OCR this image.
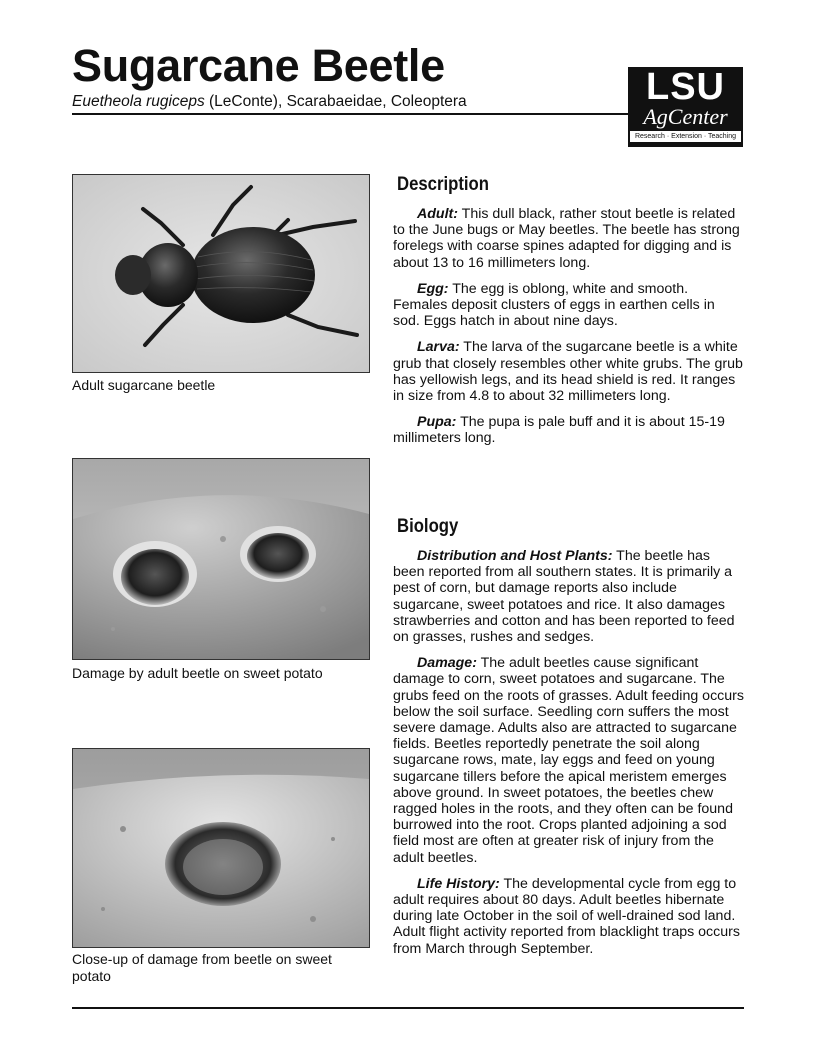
Sugarcane Beetle

Euetheola rugiceps (LeConte), Scarabaeidae, Coleoptera	LSU
AgCenter
Research · Extension · Teaching

Adult sugarcane beetle

Damage by adult beetle on sweet potato

Close-up of damage from beetle on sweet potato

Description

Adult: This dull black, rather stout beetle is related to the June bugs or May beetles. The beetle has strong forelegs with coarse spines adapted for digging and is about 13 to 16 millimeters long.

Egg: The egg is oblong, white and smooth. Females deposit clusters of eggs in earthen cells in sod. Eggs hatch in about nine days.

Larva: The larva of the sugarcane beetle is a white grub that closely resembles other white grubs. The grub has yellowish legs, and its head shield is red. It ranges in size from 4.8 to about 32 millimeters long.

Pupa: The pupa is pale buff and it is about 15-19 millimeters long.

Biology

Distribution and Host Plants: The beetle has been reported from all southern states. It is primarily a pest of corn, but damage reports also include sugarcane, sweet potatoes and rice. It also damages strawberries and cotton and has been reported to feed on grasses, rushes and sedges.

Damage: The adult beetles cause significant damage to corn, sweet potatoes and sugarcane. The grubs feed on the roots of grasses. Adult feeding occurs below the soil surface. Seedling corn suffers the most severe damage. Adults also are attracted to sugarcane fields. Beetles reportedly penetrate the soil along sugarcane rows, mate, lay eggs and feed on young sugarcane tillers before the apical meristem emerges above ground. In sweet potatoes, the beetles chew ragged holes in the roots, and they often can be found burrowed into the root. Crops planted adjoining a sod field most are often at greater risk of injury from the adult beetles.

Life History: The developmental cycle from egg to adult requires about 80 days. Adult beetles hibernate during late October in the soil of well-drained sod land. Adult flight activity reported from blacklight traps occurs from March through September.
